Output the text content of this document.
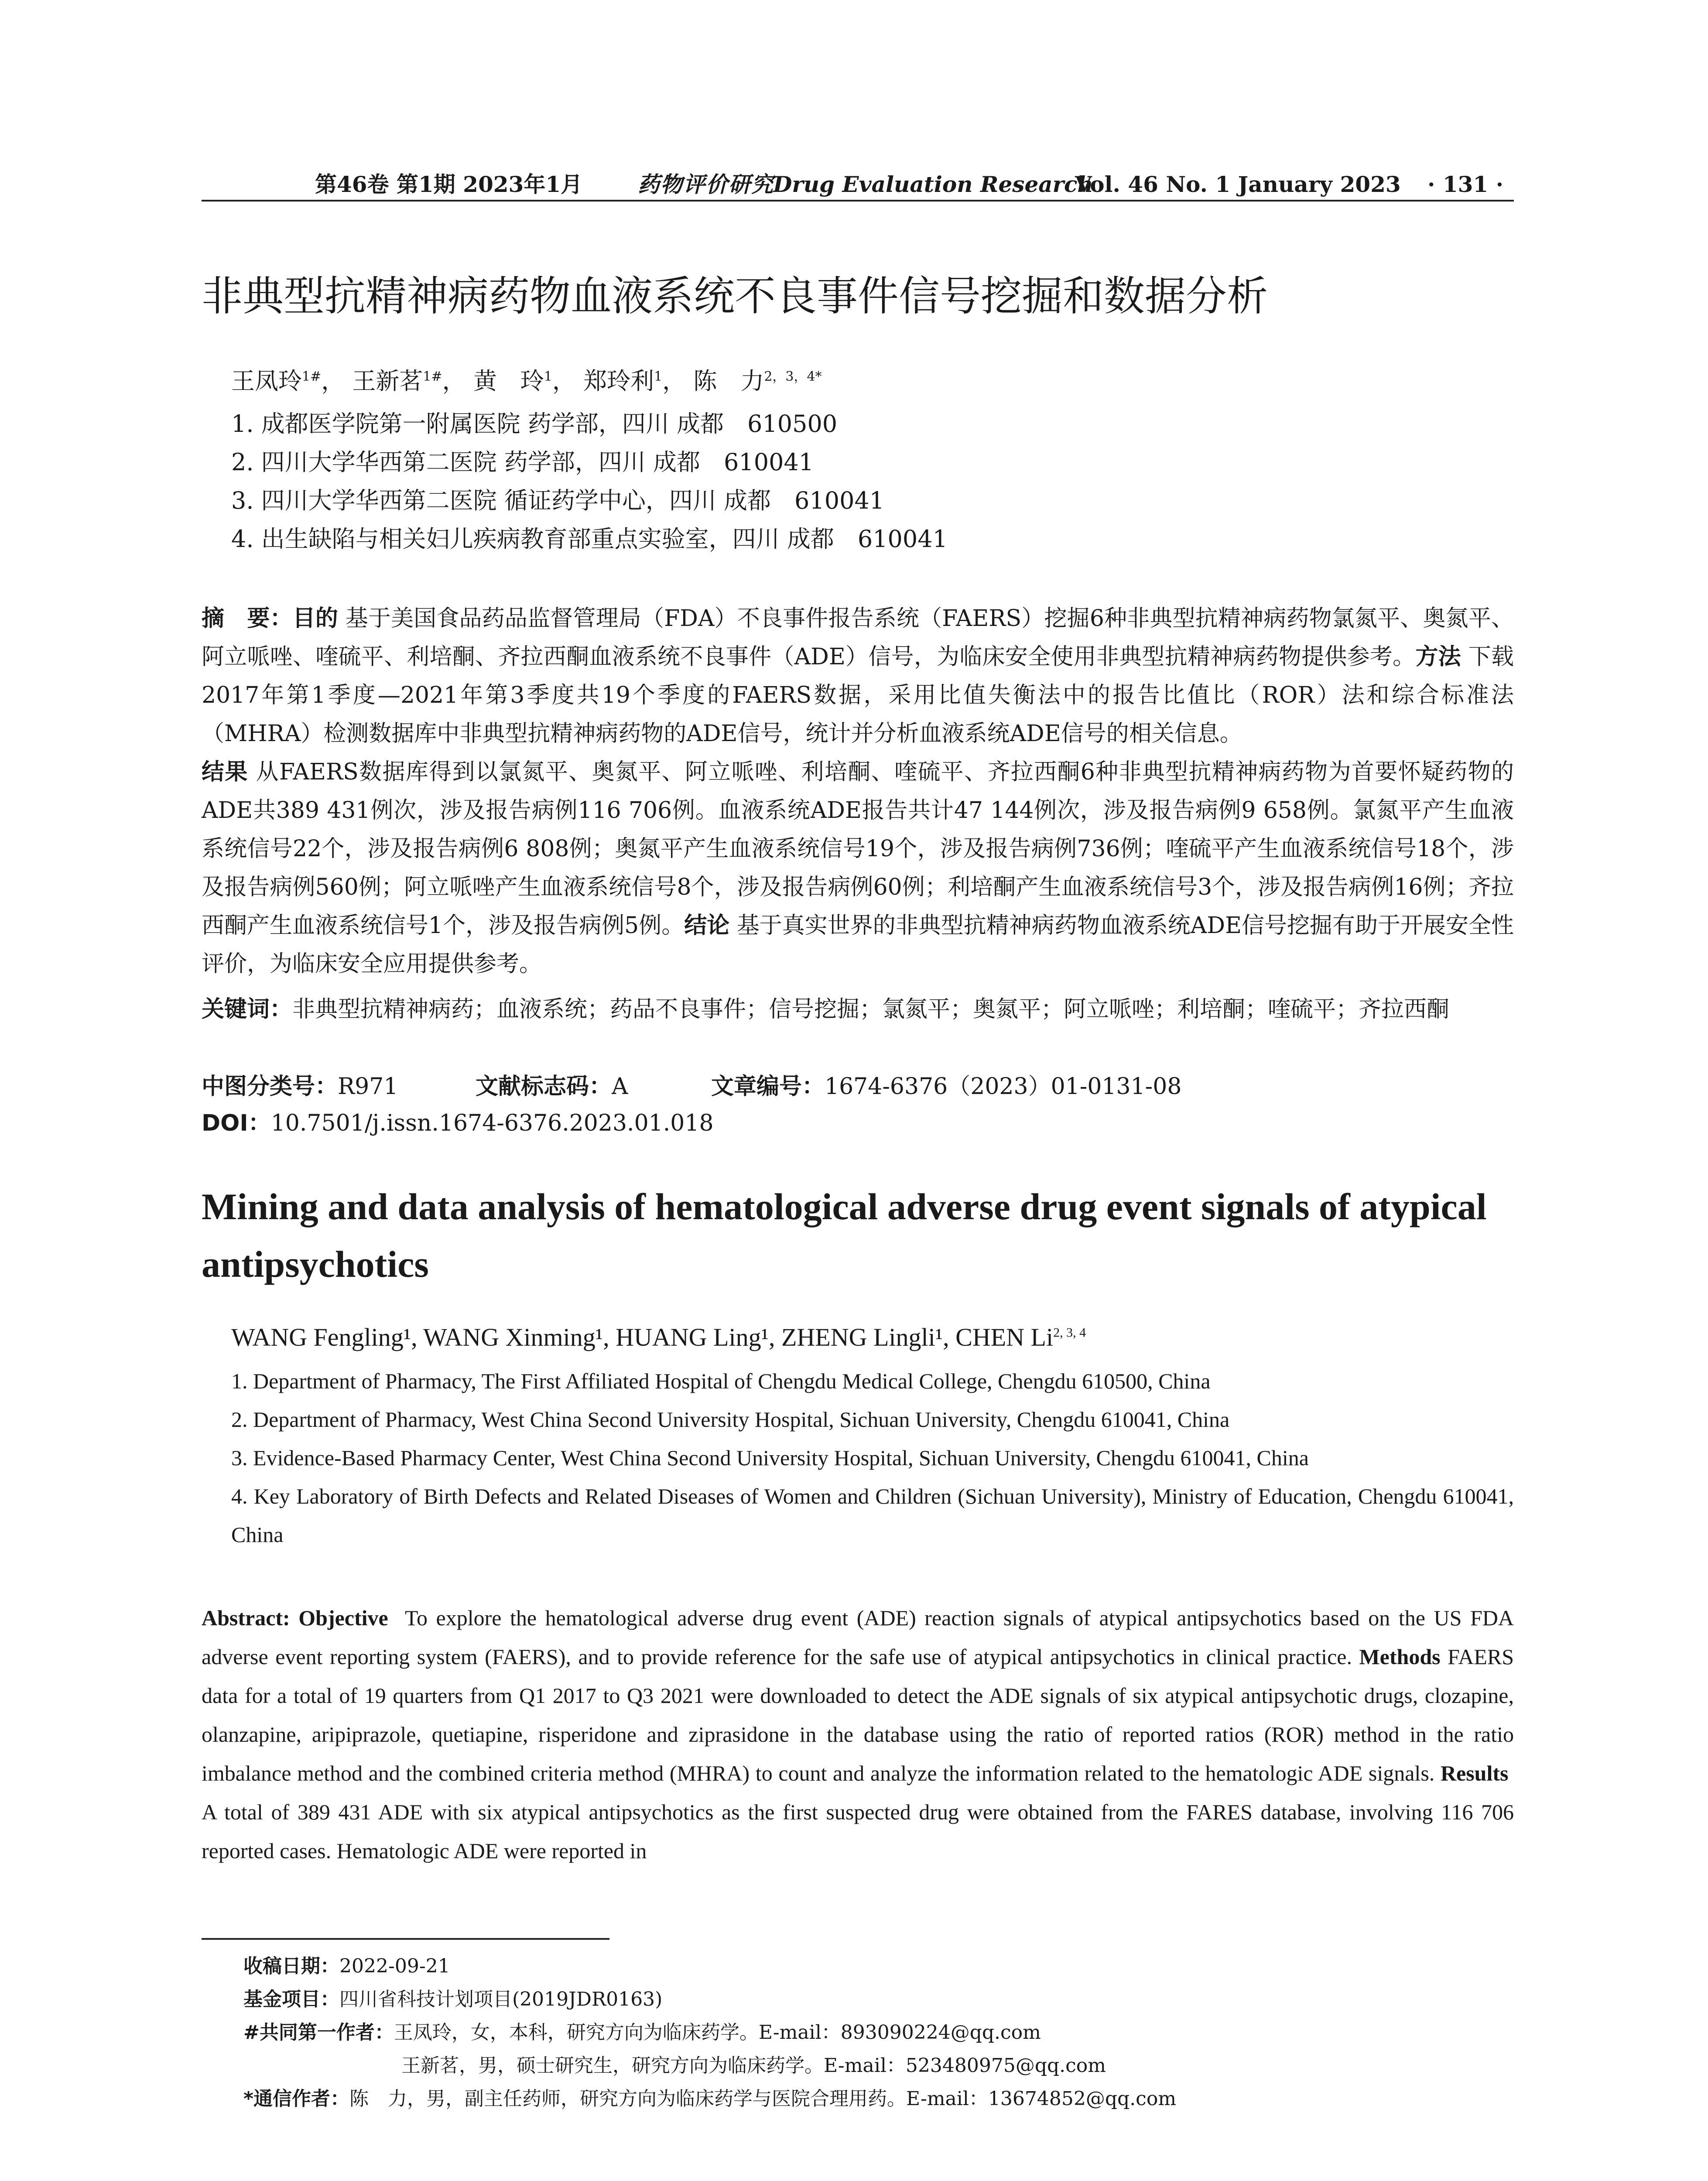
第46卷 第1期 2023年1月	药物评价研究
Drug Evaluation Research
Vol. 46 No. 1 January 2023 · 131 ·
非典型抗精神病药物血液系统不良事件信号挖掘和数据分析
王凤玲$^{1\#}$， 王新茗$^{1\#}$， 黄　玲$^1$， 郑玲利$^1$， 陈　力$^{2,3,4*}$
1. 成都医学院第一附属医院 药学部，四川 成都　610500
2. 四川大学华西第二医院 药学部，四川 成都　610041
3. 四川大学华西第二医院 循证药学中心，四川 成都　610041
4. 出生缺陷与相关妇儿疾病教育部重点实验室，四川 成都　610041
摘　要：目的 基于美国食品药品监督管理局（FDA）不良事件报告系统（FAERS）挖掘6种非典型抗精神病药物氯氮平、奥氮平、阿立哌唑、喹硫平、利培酮、齐拉西酮血液系统不良事件（ADE）信号，为临床安全使用非典型抗精神病药物提供参考。方法 下载2017年第1季度—2021年第3季度共19个季度的FAERS数据，采用比值失衡法中的报告比值比（ROR）法和综合标准法（MHRA）检测数据库中非典型抗精神病药物的ADE信号，统计并分析血液系统ADE信号的相关信息。
结果 从FAERS数据库得到以氯氮平、奥氮平、阿立哌唑、利培酮、喹硫平、齐拉西酮6种非典型抗精神病药物为首要怀疑药物的ADE共389 431例次，涉及报告病例116 706例。血液系统ADE报告共计47 144例次，涉及报告病例9 658例。氯氮平产生血液系统信号22个，涉及报告病例6 808例；奥氮平产生血液系统信号19个，涉及报告病例736例；喹硫平产生血液系统信号18个，涉及报告病例560例；阿立哌唑产生血液系统信号8个，涉及报告病例60例；利培酮产生血液系统信号3个，涉及报告病例16例；齐拉西酮产生血液系统信号1个，涉及报告病例5例。结论 基于真实世界的非典型抗精神病药物血液系统ADE信号挖掘有助于开展安全性评价，为临床安全应用提供参考。
关键词：非典型抗精神病药；血液系统；药品不良事件；信号挖掘；氯氮平；奥氮平；阿立哌唑；利培酮；喹硫平；齐拉西酮
中图分类号：R971	文献标志码：A	文章编号：1674-6376（2023）01-0131-08
DOI：10.7501/j.issn.1674-6376.2023.01.018
Mining and data analysis of hematological adverse drug event signals of atypical antipsychotics
WANG Fengling¹, WANG Xinming¹, HUANG Ling¹, ZHENG Lingli¹, CHEN Li$^{2, 3, 4}$
1. Department of Pharmacy, The First Affiliated Hospital of Chengdu Medical College, Chengdu 610500, China
2. Department of Pharmacy, West China Second University Hospital, Sichuan University, Chengdu 610041, China
3. Evidence-Based Pharmacy Center, West China Second University Hospital, Sichuan University, Chengdu 610041, China
4. Key Laboratory of Birth Defects and Related Diseases of Women and Children (Sichuan University), Ministry of Education, Chengdu 610041, China
Abstract: Objective To explore the hematological adverse drug event (ADE) reaction signals of atypical antipsychotics based on the US FDA adverse event reporting system (FAERS), and to provide reference for the safe use of atypical antipsychotics in clinical practice. Methods FAERS data for a total of 19 quarters from Q1 2017 to Q3 2021 were downloaded to detect the ADE signals of six atypical antipsychotic drugs, clozapine, olanzapine, aripiprazole, quetiapine, risperidone and ziprasidone in the database using the ratio of reported ratios (ROR) method in the ratio imbalance method and the combined criteria method (MHRA) to count and analyze the information related to the hematologic ADE signals. Results  A total of 389 431 ADE with six atypical antipsychotics as the first suspected drug were obtained from the FARES database, involving 116 706 reported cases. Hematologic ADE were reported in
收稿日期：2022-09-21
基金项目：四川省科技计划项目(2019JDR0163)
#共同第一作者：王凤玲，女，本科，研究方向为临床药学。E-mail：893090224@qq.com
王新茗，男，硕士研究生，研究方向为临床药学。E-mail：523480975@qq.com
*通信作者：陈　力，男，副主任药师，研究方向为临床药学与医院合理用药。E-mail：13674852@qq.com
